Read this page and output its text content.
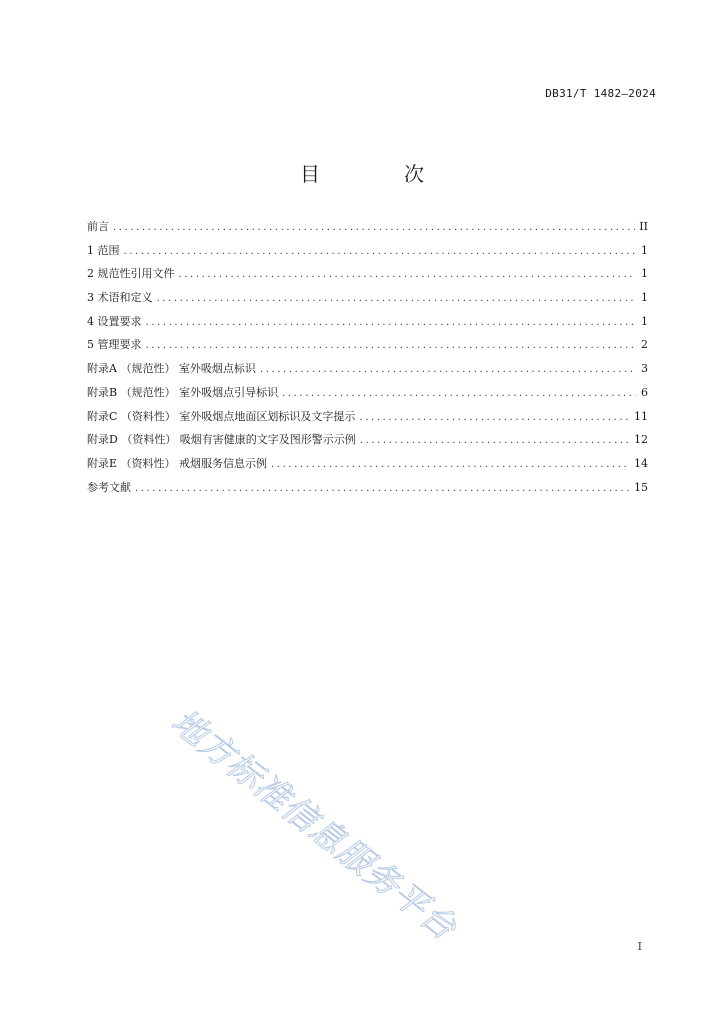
DB31/T 1482—2024
目　次
前言 .....	II
1 范围 .....	1
2 规范性引用文件 .....	1
3 术语和定义 .....	1
4 设置要求 .....	1
5 管理要求 .....	2
附录A （规范性） 室外吸烟点标识 .....	3
附录B （规范性） 室外吸烟点引导标识 .....	6
附录C （资料性） 室外吸烟点地面区划标识及文字提示 .....	11
附录D （资料性） 吸烟有害健康的文字及图形警示示例 .....	12
附录E （资料性） 戒烟服务信息示例 .....	14
参考文献 .....	15
地方标准信息服务平台	I
